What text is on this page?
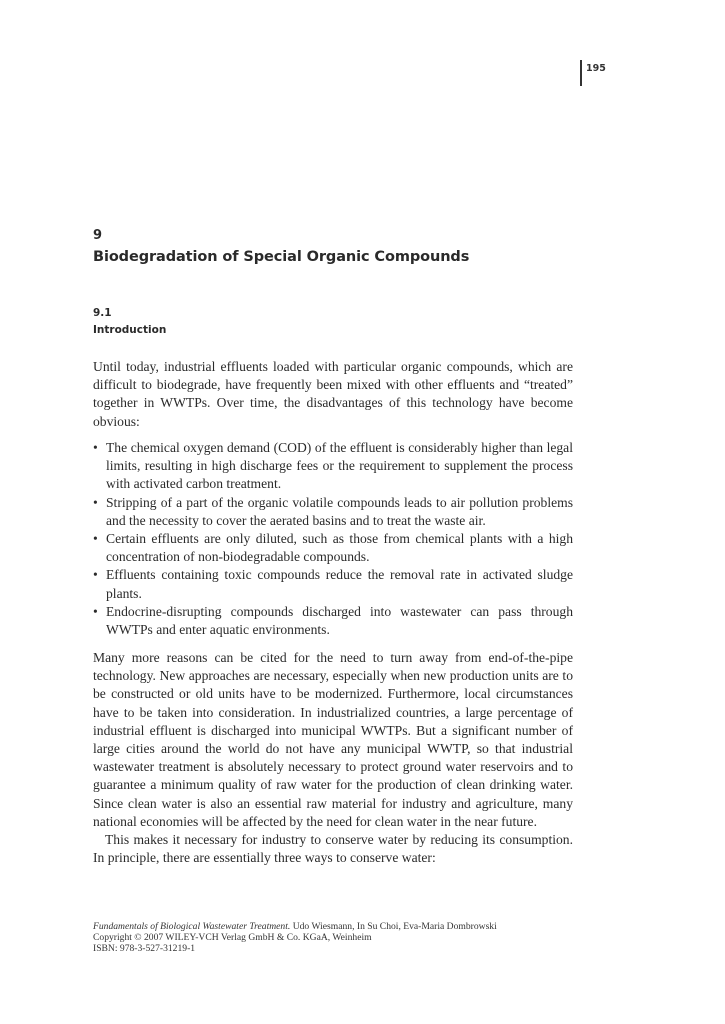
195
9
Biodegradation of Special Organic Compounds
9.1
Introduction

Until today, industrial effluents loaded with particular organic compounds, which are difficult to biodegrade, have frequently been mixed with other effluents and “treated” together in WWTPs. Over time, the disadvantages of this technology have become obvious:

• The chemical oxygen demand (COD) of the effluent is considerably higher than legal limits, resulting in high discharge fees or the requirement to supplement the process with activated carbon treatment.
• Stripping of a part of the organic volatile compounds leads to air pollution problems and the necessity to cover the aerated basins and to treat the waste air.
• Certain effluents are only diluted, such as those from chemical plants with a high concentration of non-biodegradable compounds.
• Effluents containing toxic compounds reduce the removal rate in activated sludge plants.
• Endocrine-disrupting compounds discharged into wastewater can pass through WWTPs and enter aquatic environments.

Many more reasons can be cited for the need to turn away from end-of-the-pipe technology. New approaches are necessary, especially when new production units are to be constructed or old units have to be modernized. Furthermore, local circumstances have to be taken into consideration. In industrialized countries, a large percentage of industrial effluent is discharged into municipal WWTPs. But a significant number of large cities around the world do not have any municipal WWTP, so that industrial wastewater treatment is absolutely necessary to protect ground water reservoirs and to guarantee a minimum quality of raw water for the production of clean drinking water. Since clean water is also an essential raw material for industry and agriculture, many national economies will be affected by the need for clean water in the near future.

This makes it necessary for industry to conserve water by reducing its consumption. In principle, there are essentially three ways to conserve water:

Fundamentals of Biological Wastewater Treatment. Udo Wiesmann, In Su Choi, Eva-Maria Dombrowski
Copyright © 2007 WILEY-VCH Verlag GmbH & Co. KGaA, Weinheim
ISBN: 978-3-527-31219-1
